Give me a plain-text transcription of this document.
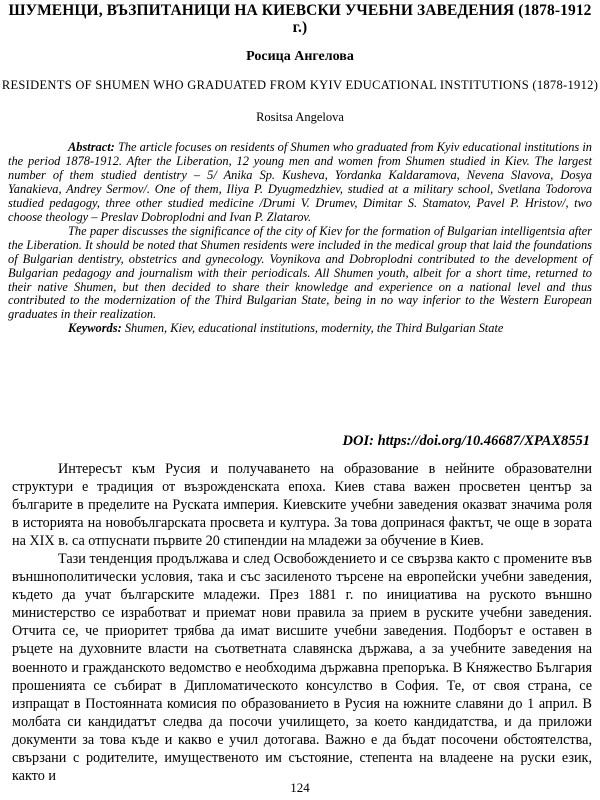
ШУМЕНЦИ, ВЪЗПИТАНИЦИ НА КИЕВСКИ УЧЕБНИ ЗАВЕДЕНИЯ (1878-1912 г.)
Росица Ангелова
RESIDENTS OF SHUMEN WHO GRADUATED FROM KYIV EDUCATIONAL INSTITUTIONS (1878-1912)
Rositsa Angelova

Abstract: The article focuses on residents of Shumen who graduated from Kyiv educational institutions in the period 1878-1912. After the Liberation, 12 young men and women from Shumen studied in Kiev. The largest number of them studied dentistry – 5/ Anika Sp. Kusheva, Yordanka Kaldaramova, Nevena Slavova, Dosya Yanakieva, Andrey Sermov/. One of them, Iliya P. Dyugmedzhiev, studied at a military school, Svetlana Todorova studied pedagogy, three other studied medicine /Drumi V. Drumev, Dimitar S. Stamatov, Pavel P. Hristov/, two choose theology – Preslav Dobroplodni and Ivan P. Zlatarov.

The paper discusses the significance of the city of Kiev for the formation of Bulgarian intelligentsia after the Liberation. It should be noted that Shumen residents were included in the medical group that laid the foundations of Bulgarian dentistry, obstetrics and gynecology. Voynikova and Dobroplodni contributed to the development of Bulgarian pedagogy and journalism with their periodicals. All Shumen youth, albeit for a short time, returned to their native Shumen, but then decided to share their knowledge and experience on a national level and thus contributed to the modernization of the Third Bulgarian State, being in no way inferior to the Western European graduates in their realization.

Keywords: Shumen, Kiev, educational institutions, modernity, the Third Bulgarian State

DOI: https://doi.org/10.46687/XPAX8551

Интересът към Русия и получаването на образование в нейните образователни структури е традиция от възрожденската епоха. Киев става важен просветен център за българите в пределите на Руската империя. Киевските учебни заведения оказват значима роля в историята на новобългарската просвета и култура. За това допринася фактът, че още в зората на XIX в. са отпуснати първите 20 стипендии на младежи за обучение в Киев.

Тази тенденция продължава и след Освобождението и се свързва както с промените във външнополитически условия, така и със засиленото търсене на европейски учебни заведения, където да учат българските младежи. През 1881 г. по инициатива на руското външно министерство се изработват и приемат нови правила за прием в руските учебни заведения. Отчита се, че приоритет трябва да имат висшите учебни заведения. Подборът е оставен в ръцете на духовните власти на съответната славянска държава, а за учебните заведения на военното и гражданското ведомство е необходима държавна препоръка. В Княжество България прошенията се събират в Дипломатическото консулство в София. Те, от своя страна, се изпращат в Постоянната комисия по образованието в Русия на южните славяни до 1 април. В молбата си кандидатът следва да посочи училището, за което кандидатства, и да приложи документи за това къде и какво е учил дотогава. Важно е да бъдат посочени обстоятелства, свързани с родителите, имущественото им състояние, степента на владеене на руски език, както и

124
